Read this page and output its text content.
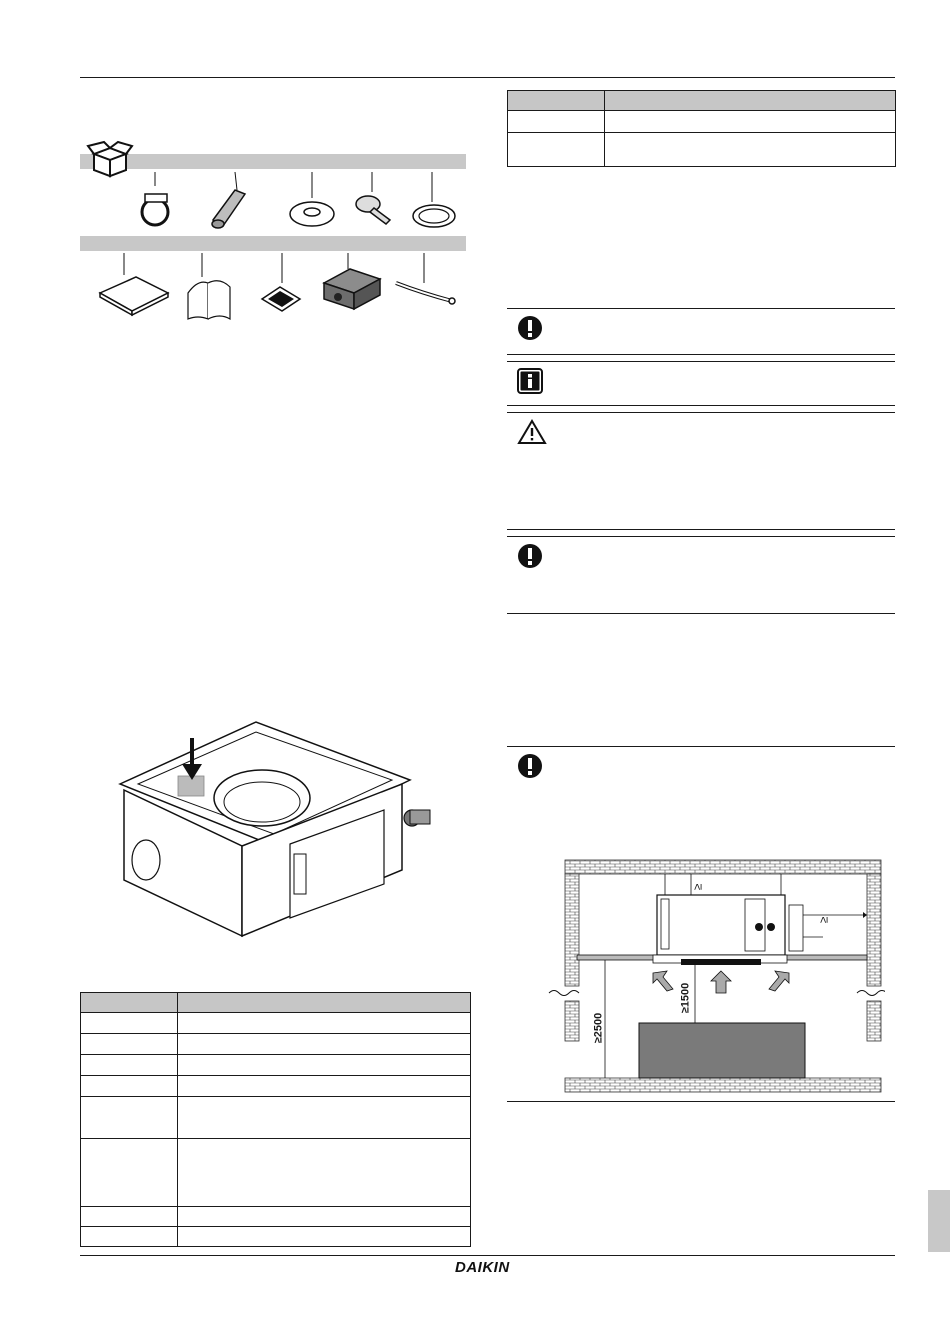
≥2500
≥1500
≥
≥
DAIKIN
